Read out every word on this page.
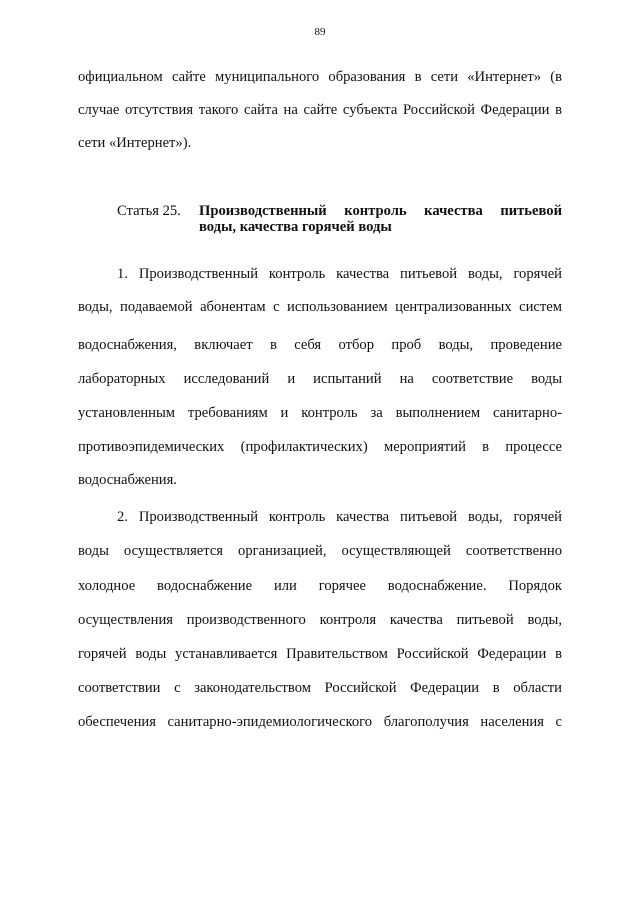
89
официальном сайте муниципального образования в сети «Интернет» (в
случае отсутствия такого сайта на сайте субъекта Российской Федерации в
сети «Интернет»).
Статья 25. Производственный контроль качества питьевой
воды, качества горячей воды
1. Производственный контроль качества питьевой воды, горячей
воды, подаваемой абонентам с использованием централизованных систем
водоснабжения, включает в себя отбор проб воды, проведение
лабораторных исследований и испытаний на соответствие воды
установленным требованиям и контроль за выполнением санитарно-
противоэпидемических (профилактических) мероприятий в процессе
водоснабжения.
2. Производственный контроль качества питьевой воды, горячей
воды осуществляется организацией, осуществляющей соответственно
холодное водоснабжение или горячее водоснабжение. Порядок
осуществления производственного контроля качества питьевой воды,
горячей воды устанавливается Правительством Российской Федерации в
соответствии с законодательством Российской Федерации в области
обеспечения санитарно-эпидемиологического благополучия населения с
